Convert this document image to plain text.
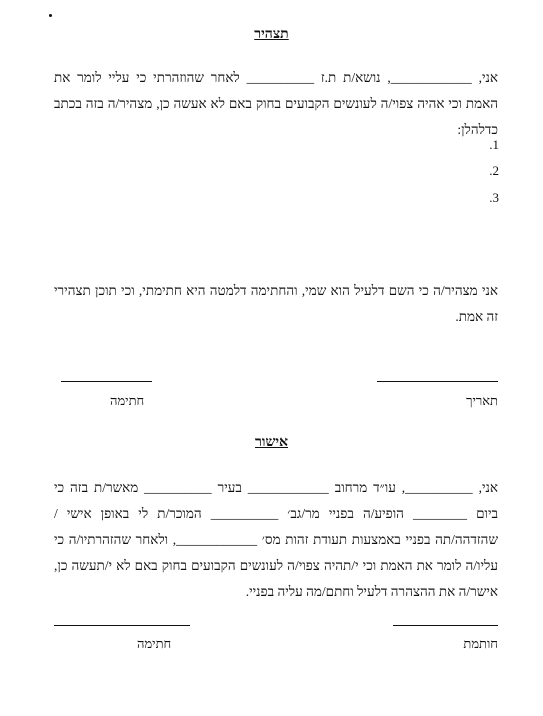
תצהיר

אני, ____________, נושא/ת ת.ז __________ לאחר שהוזהרתי כי עליי לומר את האמת וכי אהיה צפוי/ה לעונשים הקבועים בחוק באם לא אעשה כן, מצהיר/ה בזה בכתב כדלהלן:

1.
2.
3.

אני מצהיר/ה כי השם דלעיל הוא שמי, והחתימה דלמטה היא חתימתי, וכי תוכן תצהירי זה אמת.

תאריך
חתימה
אישור

אני, __________, עו״ד מרחוב ____________ בעיר __________ מאשר/ת בזה כי ביום ________ הופיע/ה בפניי מר/גב׳ __________ המוכר/ת לי באופן אישי / שהזדהה/תה בפניי באמצעות תעודת זהות מס׳ ____________, ולאחר שהזהרתיו/ה כי עליו/ה לומר את האמת וכי י/תהיה צפוי/ה לעונשים הקבועים בחוק באם לא י/תעשה כן, אישר/ה את ההצהרה דלעיל וחתם/מה עליה בפניי.

חותמת
חתימה
